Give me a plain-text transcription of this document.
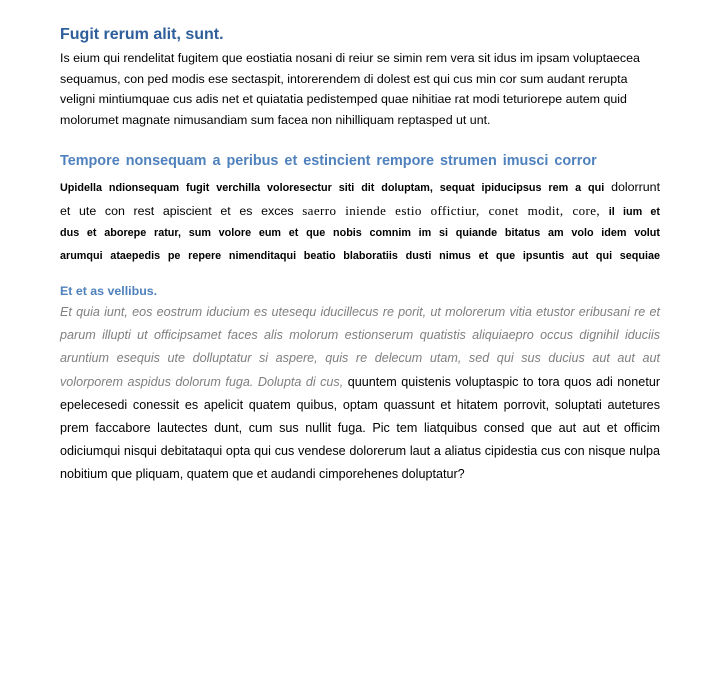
Fugit rerum alit, sunt.

Is eium qui rendelitat fugitem que eostiatia nosani di reiur se simin rem vera sit idus im ipsam voluptaecea sequamus, con ped modis ese sectaspit, intorerendem di dolest est qui cus min cor sum audant rerupta veligni mintiumquae cus adis net et quiatatia pedistemped quae nihitiae rat modi teturiorepe autem quid molorumet magnate nimusandiam sum facea non nihilliquam reptasped ut unt.

Tempore nonsequam a peribus et estincient rempore strumen imusci corror
Upidella ndionsequam fugit verchilla voloresectur siti dit doluptam, sequat ipiducipsus rem a qui dolorrunt
et ute con rest apiscient et es exces saerro iniende estio offictiur, conet modit, core, il ium et
dus et aborepe ratur, sum volore eum et que nobis comnim im si quiande bitatus am volo idem volut
arumqui ataepedis pe repere nimenditaqui beatio blaboratiis dusti nimus et que ipsuntis aut qui sequiae
Et et as vellibus.

Et quia iunt, eos eostrum iducium es utesequ iducillecus re porit, ut molorerum vitia etustor eribusani re et parum illupti ut officipsamet faces alis molorum estionserum quatistis aliquiaepro occus dignihil iduciis aruntium esequis ute dolluptatur si aspere, quis re delecum utam, sed qui sus ducius aut aut aut volorporem aspidus dolorum fuga. Dolupta di cus, quuntem quistenis voluptaspic to tora quos adi nonetur epelecesedi conessit es apelicit quatem quibus, optam quassunt et hitatem porrovit, soluptati autetures prem faccabore lautectes dunt, cum sus nullit fuga. Pic tem liatquibus consed que aut aut et officim odiciumqui nisqui debitataqui opta qui cus vendese dolorerum laut a aliatus cipidestia cus con nisque nulpa nobitium que pliquam, quatem que et audandi cimporehenes doluptatur?
